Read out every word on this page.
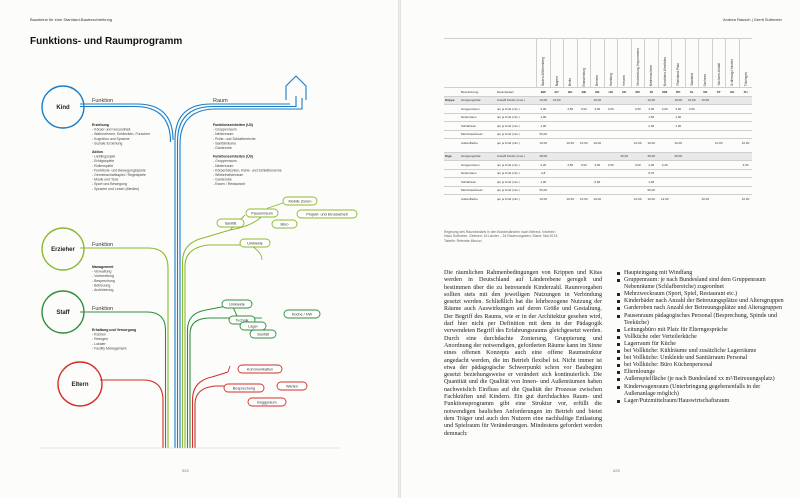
Bausteine für eine Standard-Baubeschreibung
Funktions- und Raumprogramm
Kind
Erzieher
Staff
Eltern
Funktion	Raum
Funktion
Funktion
Erziehung
- Körper und Gesundheit
- Wahrnehmen, Entdecken, Forschen
- Kognition und Sprache
- Soziale Erziehung
Aktion
- Lieblingsspiel
- Erfolgsspiele
- Rollenspiele
- Funktions- und Bewegungsspiele
- Gemeinschaftsspiel / Regelspiele
- Musik und Tanz
- Sport und Bewegung
- Sprache und Lesen (Medien)
Funktionseinheiten (U3)
- Gruppenraum
- Nebenraum
- Ruhe- und Schlafbereiche
- Sanitärräume
- Garderobe
Funktionseinheiten (Ü3)
- Gruppenraum
- Nebenraum
- Körperbetonten, Ruhe- und Schlafbereiche
- Winkelnebenraum
- Garderobe
- Essen / Restaurant
Management
- Verwaltung
- Vorbereitung
- Besprechung
- Betreuung
- Archivierung
Erhaltung und Versorgung
- Küchen
- Reinigen
- Lokaler
- Facility Management
Mobile Zonen
Pausenraum	Projekt- und Einzelarbeit
Sanität	Büro
Umkleide
Umkleide
Technik
Küche / HW
Lager
Sanität
Kommunikation
Besprechung	Warten
Buggyraum
024
Andrea Rausch | Gerrit Suttmeier
025
			Baden-Württemberg	Bayern	Berlin	Brandenburg	Bremen	Hamburg	Hessen	Mecklenburg-Vorpommern	Niedersachsen	Nordrhein-Westfalen	Rheinland-Pfalz	Saarland	Sachsen	Sachsen-Anhalt	Schleswig-Holstein	Thüringen
	Bezeichnung	Raumbedarf	BW	BY	BE	BB	HB	HH	HE	MV	NI	NW	RP	SL	SN	ST	SH	TH
Krippe	Gruppengröße	Anzahl Kinder (max.)	10,00	10,00			10,00				12,00		10,00	10,00	10,00			
	Gruppenraum	qm je Kind (min.)	3,00		4,50	3,50	3,00	3,00		3,50	3,00	2,00	3,00	3,00				
	Nebenraum	qm je Kind (min.)	1,00								1,50		1,00					
	Schlafraum	qm je Kind (min.)	1,00								2,00		1,00					
	Mehrzweckraum	qm je Kind (min.)	50,00															
	Außenfläche	qm je Kind (min.)	10,00		10,00	10,00	10,00			10,00	10,00		10,00			10,00		10,00

Kiga	Gruppengröße	Anzahl Kinder (max.)	28,00						20,00		25,00		25,00					
	Gruppenraum	qm je Kind (min.)	2,20		4,50	3,50	3,00	2,50		3,00	2,00	2,20						2,60
	Nebenraum	qm je Kind (min.)	0,8								0,70							
	Schlafraum	qm je Kind (min.)	1,00				0,60				1,00							
	Mehrzweckraum	qm je Kind (min.)	50,00								50,00							
	Außenfläche	qm je Kind (min.)	10,00		10,00	10,00	10,00			10,00	10,00	12,00			10,00			10,00

Regelung des Raumbedarfs in den Bundesländern nach Betreut, Infothek / Haus Suttmeier. Gelesen: 16 Länder – 16 Raumvorgaben; Stand: Mai 2013; Tabelle: Referate Minsun

Die räumlichen Rahmenbedingungen von Krippen und Kitas werden in Deutschland auf Länderebene geregelt und bestimmen über die zu betreuende Kinderzahl. Raumvorgaben sollten stets mit den jeweiligen Nutzungen in Verbindung gesetzt werden. Schließlich hat die lehrbezogene Nutzung der Räume auch Auswirkungen auf deren Größe und Gestaltung. Der Begriff des Raums, wie er in der Architektur gesehen wird, darf hier nicht per Definition mit dem in der Pädagogik verwendeten Begriff des Erfahrungsraums gleichgesetzt werden. Durch eine durchdachte Zonierung, Gruppierung und Anordnung der notwendigen, geforderten Räume kann im Sinne eines offenen Konzepts auch eine offene Raumstruktur angedacht werden, die im Betrieb flexibel ist. Nicht immer ist etwa der pädagogische Schwerpunkt schon vor Baubeginn gesetzt beziehungsweise er verändert sich kontinuierlich. Die Quantität und die Qualität von Innen- und Außenräumen haben nachweislich Einfluss auf die Qualität der Prozesse zwischen Fachkräften und Kindern. Ein gut durchdachtes Raum- und Funktionsprogramm gibt eine Struktur vor, erfüllt die notwendigen baulichen Anforderungen im Betrieb und bietet dem Träger und auch den Nutzern eine nachhaltige Entlastung und Spielraum für Veränderungen. Mindestens gefordert werden demnach:

Haupteingang mit Windfang
Gruppenraum: je nach Bundesland sind dem Gruppenraum Nebenräume (Schlafbereiche) zugeordnet
Mehrzweckraum (Sport, Spiel, Restaurant etc.)
Kinderbäder nach Anzahl der Betreuungsplätze und Altersgruppen
Garderoben nach Anzahl der Betreuungsplätze und Altersgruppen
Pausenraum pädagogisches Personal (Besprechung, Spinde und Teeküche)
Leitungsbüro mit Platz für Elterngespräche
Vollküche oder Verteilerküche
Lagerraum für Küche
bei Vollküche: Kühlräume und zusätzliche Lagerräume
bei Vollküche: Umkleide und Sanitärraum Personal
bei Vollküche: Büro Küchenpersonal
Elternlounge
Außenspielfläche (je nach Bundesland xx m²/Betreuungsplatz)
Kinderwagenraum (Unterbringung gegebenenfalls in der Außenanlage möglich)
Lager/Putzmittelraum/Hauswirtschaftsraum
